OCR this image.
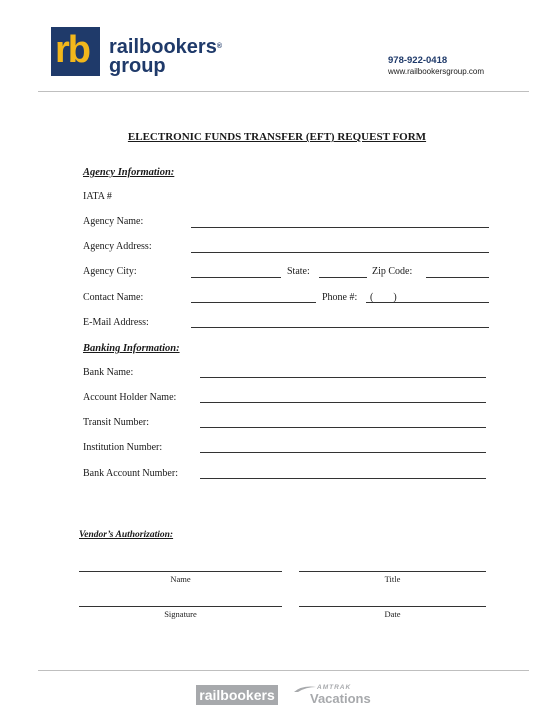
rb railbookers®
group	978-922-0418
www.railbookersgroup.com
ELECTRONIC FUNDS TRANSFER (EFT) REQUEST FORM
Agency Information:
IATA #
Agency Name:
Agency Address:
Agency City:	State:	Zip Code:
Contact Name:	Phone #: (        )
E-Mail Address:
Banking Information:
Bank Name:
Account Holder Name:
Transit Number:
Institution Number:
Bank Account Number:
Vendor’s Authorization:
Name	Title
Signature	Date
railbookers	AMTRAK
Vacations
